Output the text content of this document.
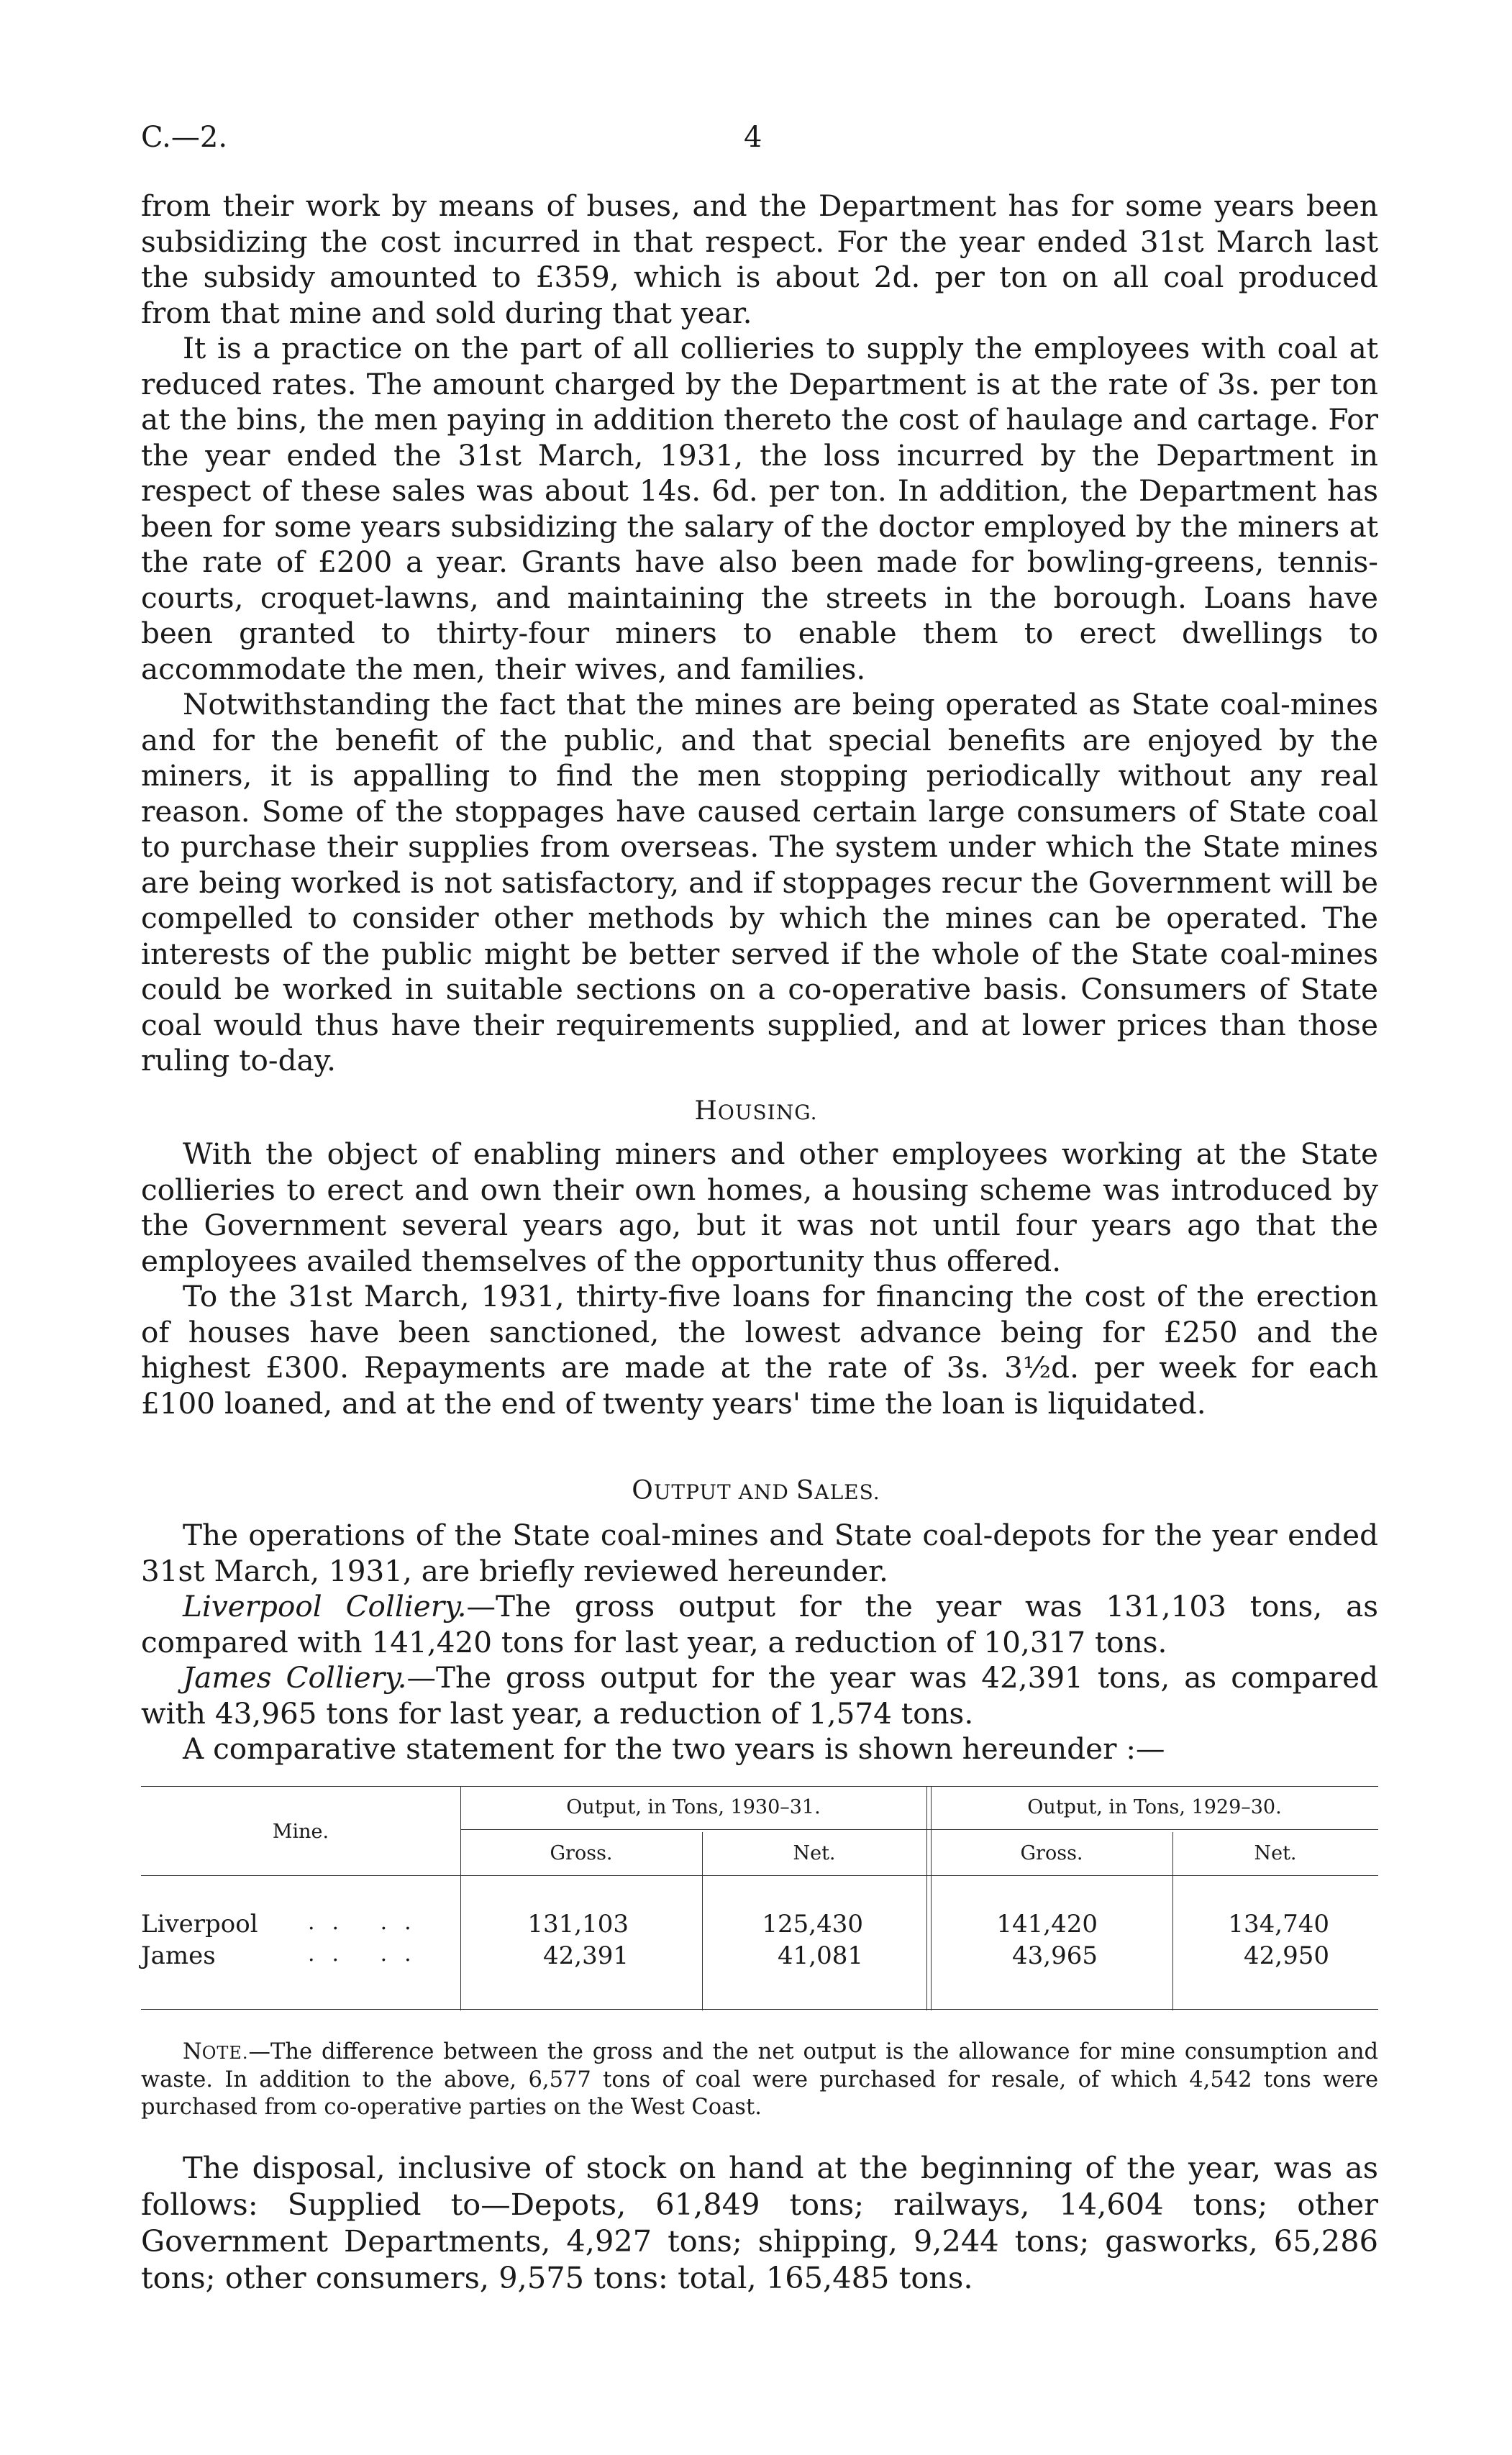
C.—2.	4

from their work by means of buses, and the Department has for some years been subsidizing the cost incurred in that respect. For the year ended 31st March last the subsidy amounted to £359, which is about 2d. per ton on all coal produced from that mine and sold during that year.

It is a practice on the part of all collieries to supply the employees with coal at reduced rates. The amount charged by the Department is at the rate of 3s. per ton at the bins, the men paying in addition thereto the cost of haulage and cartage. For the year ended the 31st March, 1931, the loss incurred by the Department in respect of these sales was about 14s. 6d. per ton. In addition, the Department has been for some years subsidizing the salary of the doctor employed by the miners at the rate of £200 a year. Grants have also been made for bowling-greens, tennis-courts, croquet-lawns, and maintaining the streets in the borough. Loans have been granted to thirty-four miners to enable them to erect dwellings to accommodate the men, their wives, and families.

Notwithstanding the fact that the mines are being operated as State coal-mines and for the benefit of the public, and that special benefits are enjoyed by the miners, it is appalling to find the men stopping periodically without any real reason. Some of the stoppages have caused certain large consumers of State coal to purchase their supplies from overseas. The system under which the State mines are being worked is not satisfactory, and if stoppages recur the Government will be compelled to consider other methods by which the mines can be operated. The interests of the public might be better served if the whole of the State coal-mines could be worked in suitable sections on a co-operative basis. Consumers of State coal would thus have their requirements supplied, and at lower prices than those ruling to-day.

HOUSING.

With the object of enabling miners and other employees working at the State collieries to erect and own their own homes, a housing scheme was introduced by the Government several years ago, but it was not until four years ago that the employees availed themselves of the opportunity thus offered.

To the 31st March, 1931, thirty-five loans for financing the cost of the erection of houses have been sanctioned, the lowest advance being for £250 and the highest £300. Repayments are made at the rate of 3s. 3½d. per week for each £100 loaned, and at the end of twenty years' time the loan is liquidated.

OUTPUT AND SALES.

The operations of the State coal-mines and State coal-depots for the year ended 31st March, 1931, are briefly reviewed hereunder.

Liverpool Colliery.—The gross output for the year was 131,103 tons, as compared with 141,420 tons for last year, a reduction of 10,317 tons.

James Colliery.—The gross output for the year was 42,391 tons, as compared with 43,965 tons for last year, a reduction of 1,574 tons.

A comparative statement for the two years is shown hereunder :—

Mine.
Output, in Tons, 1930–31.	Output, in Tons, 1929–30.
Gross.	Net.	Gross.	Net.
Liverpool .. ..	131,103	125,430	141,420	134,740
James	.. ..	42,391	41,081	43,965	42,950
NOTE.—The difference between the gross and the net output is the allowance for mine consumption and waste. In addition to the above, 6,577 tons of coal were purchased for resale, of which 4,542 tons were purchased from co-operative parties on the West Coast.

The disposal, inclusive of stock on hand at the beginning of the year, was as follows: Supplied to—Depots, 61,849 tons; railways, 14,604 tons; other Government Departments, 4,927 tons; shipping, 9,244 tons; gasworks, 65,286 tons; other consumers, 9,575 tons: total, 165,485 tons.
